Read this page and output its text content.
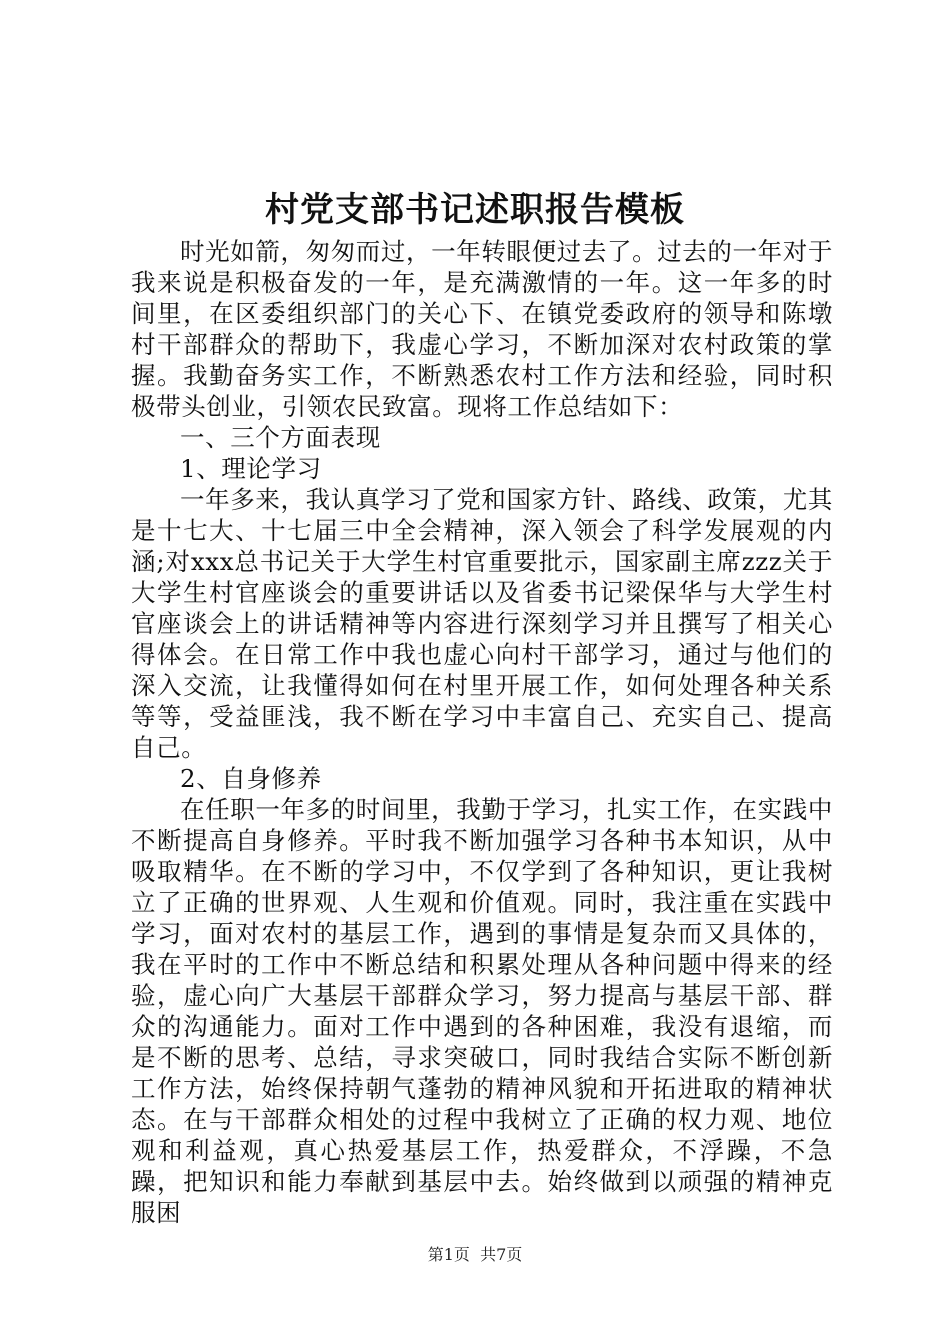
村党支部书记述职报告模板

时光如箭，匆匆而过，一年转眼便过去了。过去的一年对于我来说是积极奋发的一年，是充满激情的一年。这一年多的时间里，在区委组织部门的关心下、在镇党委政府的领导和陈墩村干部群众的帮助下，我虚心学习，不断加深对农村政策的掌握。我勤奋务实工作，不断熟悉农村工作方法和经验，同时积极带头创业，引领农民致富。现将工作总结如下：

一、三个方面表现

1、理论学习

一年多来，我认真学习了党和国家方针、路线、政策，尤其是十七大、十七届三中全会精神，深入领会了科学发展观的内涵;对xxx总书记关于大学生村官重要批示，国家副主席zzz关于大学生村官座谈会的重要讲话以及省委书记梁保华与大学生村官座谈会上的讲话精神等内容进行深刻学习并且撰写了相关心得体会。在日常工作中我也虚心向村干部学习，通过与他们的深入交流，让我懂得如何在村里开展工作，如何处理各种关系等等，受益匪浅，我不断在学习中丰富自己、充实自己、提高自己。

2、自身修养

在任职一年多的时间里，我勤于学习，扎实工作，在实践中不断提高自身修养。平时我不断加强学习各种书本知识，从中吸取精华。在不断的学习中，不仅学到了各种知识，更让我树立了正确的世界观、人生观和价值观。同时，我注重在实践中学习，面对农村的基层工作，遇到的事情是复杂而又具体的，我在平时的工作中不断总结和积累处理从各种问题中得来的经验，虚心向广大基层干部群众学习，努力提高与基层干部、群众的沟通能力。面对工作中遇到的各种困难，我没有退缩，而是不断的思考、总结，寻求突破口，同时我结合实际不断创新工作方法，始终保持朝气蓬勃的精神风貌和开拓进取的精神状态。在与干部群众相处的过程中我树立了正确的权力观、地位观和利益观，真心热爱基层工作，热爱群众，不浮躁，不急躁，把知识和能力奉献到基层中去。始终做到以顽强的精神克服困

第1页 共7页
